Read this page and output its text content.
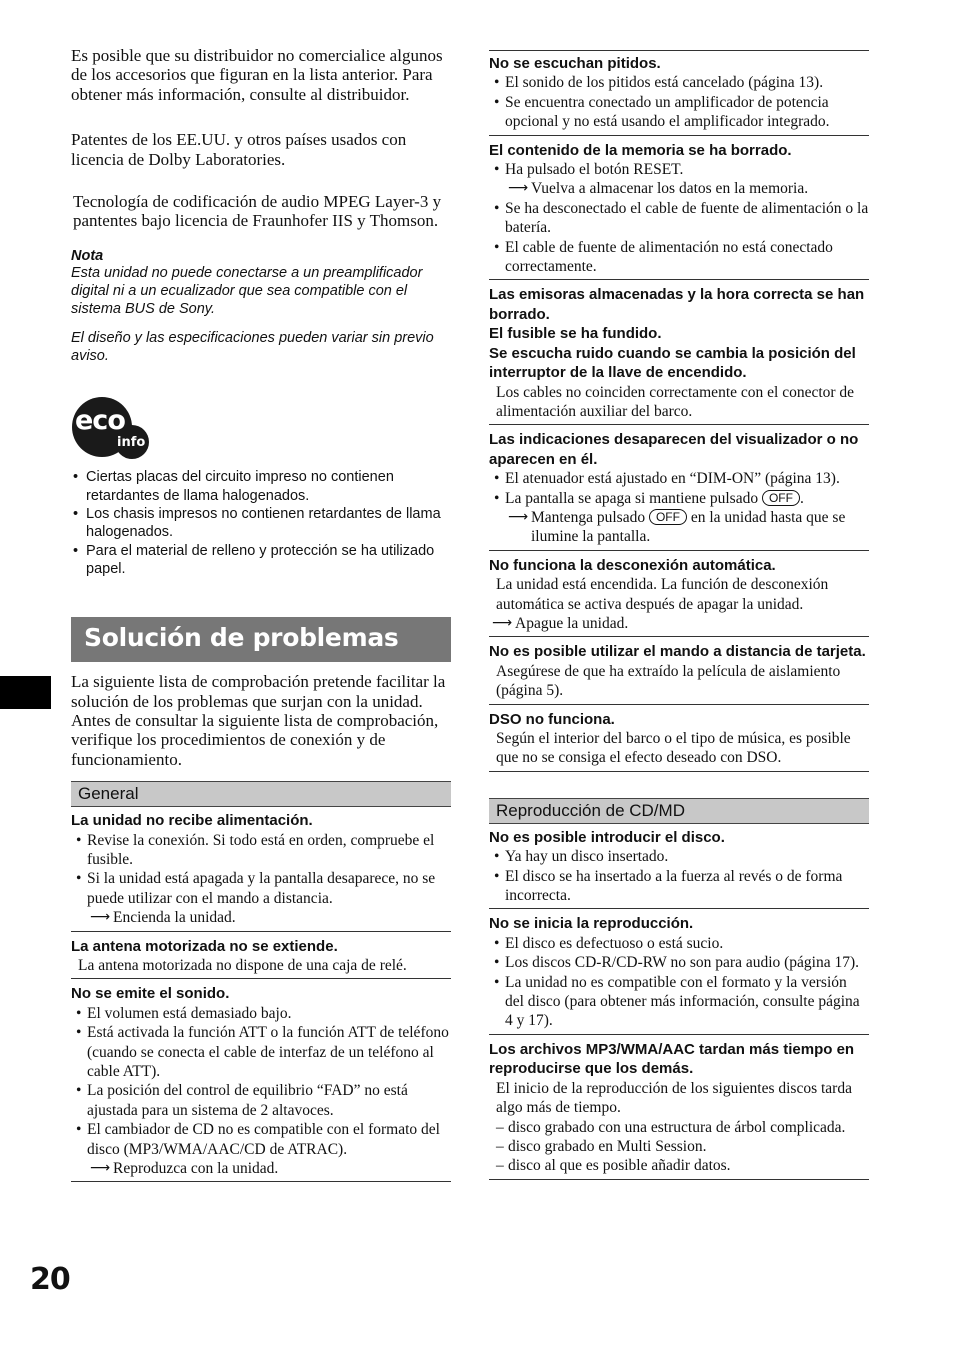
Es posible que su distribuidor no comercialice algunos de los accesorios que figuran en la lista anterior. Para obtener más información, consulte al distribuidor.

Patentes de los EE.UU. y otros países usados con licencia de Dolby Laboratories.

Tecnología de codificación de audio MPEG Layer-3 y pantentes bajo licencia de Fraunhofer IIS y Thomson.

Nota

Esta unidad no puede conectarse a un preamplificador digital ni a un ecualizador que sea compatible con el sistema BUS de Sony.

El diseño y las especificaciones pueden variar sin previo aviso.

eco
info
• Ciertas placas del circuito impreso no contienen retardantes de llama halogenados.
• Los chasis impresos no contienen retardantes de llama halogenados.
• Para el material de relleno y protección se ha utilizado papel.
Solución de problemas

La siguiente lista de comprobación pretende facilitar la solución de los problemas que surjan con la unidad.

Antes de consultar la siguiente lista de comprobación, verifique los procedimientos de conexión y de funcionamiento.

General

La unidad no recibe alimentación.

• Revise la conexión. Si todo está en orden, compruebe el fusible.
• Si la unidad está apagada y la pantalla desaparece, no se puede utilizar con el mando a distancia.

⟶ Encienda la unidad.

La antena motorizada no se extiende.

La antena motorizada no dispone de una caja de relé.

No se emite el sonido.

• El volumen está demasiado bajo.
• Está activada la función ATT o la función ATT de teléfono (cuando se conecta el cable de interfaz de un teléfono al cable ATT).
• La posición del control de equilibrio “FAD” no está ajustada para un sistema de 2 altavoces.
• El cambiador de CD no es compatible con el formato del disco (MP3/WMA/AAC/CD de ATRAC).

⟶ Reproduzca con la unidad.

No se escuchan pitidos.

• El sonido de los pitidos está cancelado (página 13).
• Se encuentra conectado un amplificador de potencia opcional y no está usando el amplificador integrado.

El contenido de la memoria se ha borrado.

• Ha pulsado el botón RESET.

⟶ Vuelva a almacenar los datos en la memoria.

• Se ha desconectado el cable de fuente de alimentación o la batería.
• El cable de fuente de alimentación no está conectado correctamente.

Las emisoras almacenadas y la hora correcta se han borrado.

El fusible se ha fundido.

Se escucha ruido cuando se cambia la posición del interruptor de la llave de encendido.

Los cables no coinciden correctamente con el conector de alimentación auxiliar del barco.

Las indicaciones desaparecen del visualizador o no aparecen en él.

• El atenuador está ajustado en “DIM-ON” (página 13).
• La pantalla se apaga si mantiene pulsado OFF .

⟶ Mantenga pulsado OFF en la unidad hasta que se ilumine la pantalla.

No funciona la desconexión automática.

La unidad está encendida. La función de desconexión automática se activa después de apagar la unidad.

⟶ Apague la unidad.

No es posible utilizar el mando a distancia de tarjeta.

Asegúrese de que ha extraído la película de aislamiento (página 5).

DSO no funciona.

Según el interior del barco o el tipo de música, es posible que no se consiga el efecto deseado con DSO.

Reproducción de CD/MD

No es posible introducir el disco.

• Ya hay un disco insertado.
• El disco se ha insertado a la fuerza al revés o de forma incorrecta.

No se inicia la reproducción.

• El disco es defectuoso o está sucio.
• Los discos CD-R/CD-RW no son para audio (página 17).
• La unidad no es compatible con el formato y la versión del disco (para obtener más información, consulte página 4 y 17).

Los archivos MP3/WMA/AAC tardan más tiempo en reproducirse que los demás.

El inicio de la reproducción de los siguientes discos tarda algo más de tiempo.

– disco grabado con una estructura de árbol complicada.
– disco grabado en Multi Session.
– disco al que es posible añadir datos.
20
